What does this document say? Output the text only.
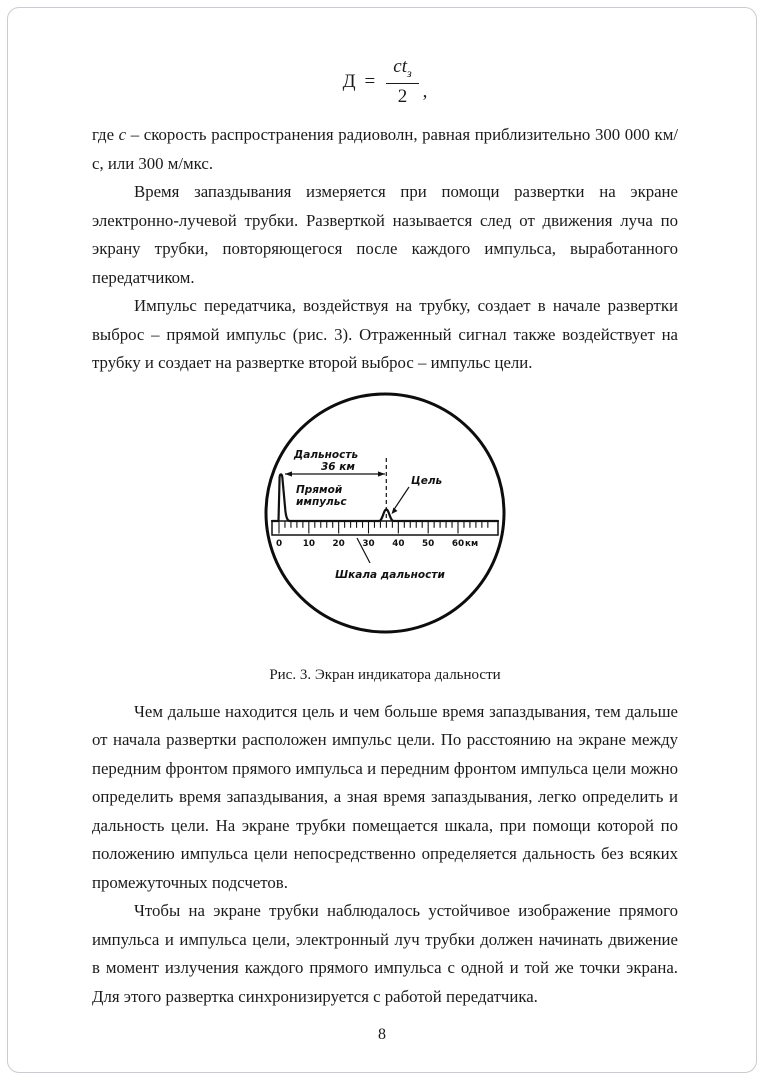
$Д = \frac{ct_з}{2}$ ,

где с – скорость распространения радиоволн, равная приблизительно 300 000 км/с, или 300 м/мкс.

Время запаздывания измеряется при помощи развертки на экране электронно-лучевой трубки. Разверткой называется след от движения луча по экрану трубки, повторяющегося после каждого импульса, выработанного передатчиком.

Импульс передатчика, воздействуя на трубку, создает в начале развертки выброс – прямой импульс (рис. 3). Отраженный сигнал также воздействует на трубку и создает на развертке второй выброс – импульс цели.

0 10 20 30 40 50 60 км
Дальность
36 км
Цель
Прямой
импульс
Шкала дальности
Рис. 3. Экран индикатора дальности

Чем дальше находится цель и чем больше время запаздывания, тем дальше от начала развертки расположен импульс цели. По расстоянию на экране между передним фронтом прямого импульса и передним фронтом импульса цели можно определить время запаздывания, а зная время запаздывания, легко определить и дальность цели. На экране трубки помещается шкала, при помощи которой по положению импульса цели непосредственно определяется дальность без всяких промежуточных подсчетов.

Чтобы на экране трубки наблюдалось устойчивое изображение прямого импульса и импульса цели, электронный луч трубки должен начинать движение в момент излучения каждого прямого импульса с одной и той же точки экрана. Для этого развертка синхронизируется с работой передатчика.

8
